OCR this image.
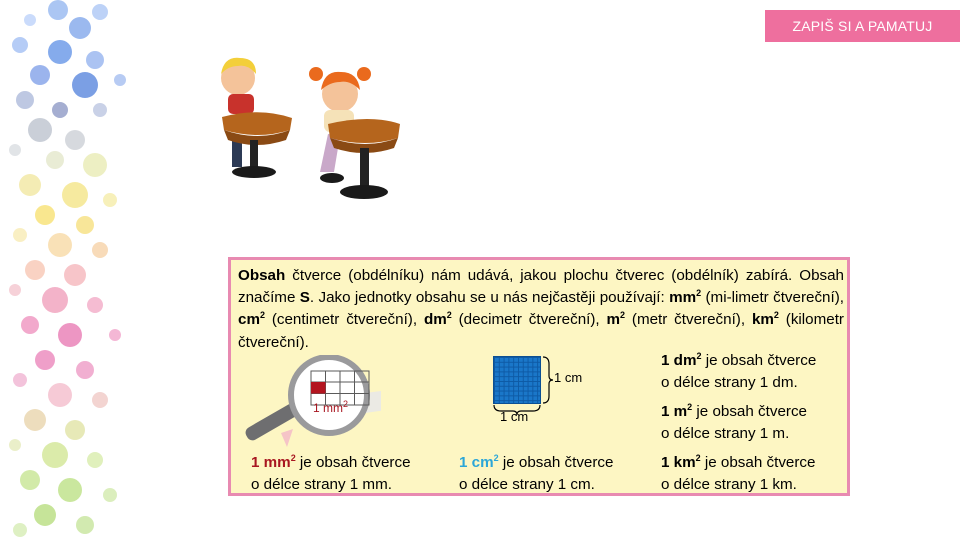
ZAPIŠ SI A PAMATUJ
Obsah čtverce (obdélníku) nám udává, jakou plochu čtverec (obdélník) zabírá. Obsah značíme S. Jako jednotky obsahu se u nás nejčastěji používají: $mm^2$ (mi-limetr čtvereční), $cm^2$ (centimetr čtvereční), $dm^2$ (decimetr čtvereční), $m^2$ (metr čtvereční), $km^2$ (kilometr čtvereční).
1 $mm^2$
1 cm
1 cm
1 $mm^2$ je obsah čtverce
o délce strany 1 mm.
1 $cm^2$ je obsah čtverce
o délce strany 1 cm.
1 $dm^2$ je obsah čtverce
o délce strany 1 dm.
1 $m^2$ je obsah čtverce
o délce strany 1 m.
1 $km^2$ je obsah čtverce
o délce strany 1 km.
